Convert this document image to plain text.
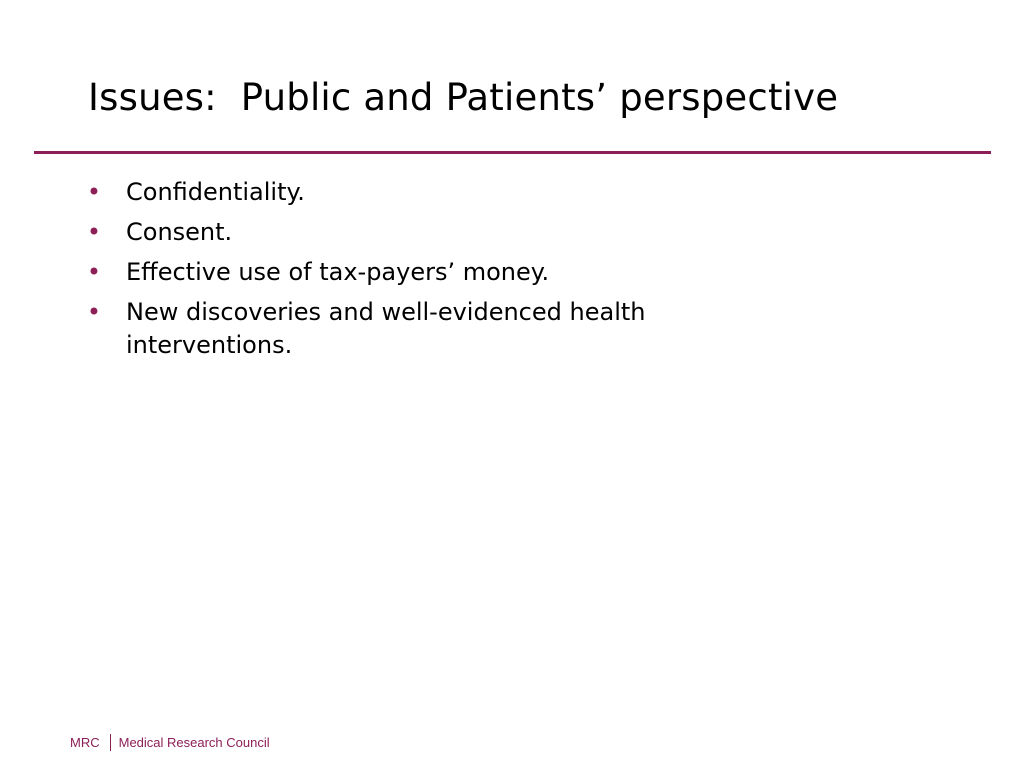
Issues:  Public and Patients’ perspective
• Confidentiality.
• Consent.
• Effective use of tax-payers’ money.
• New discoveries and well-evidenced health interventions.
MRC Medical Research Council
